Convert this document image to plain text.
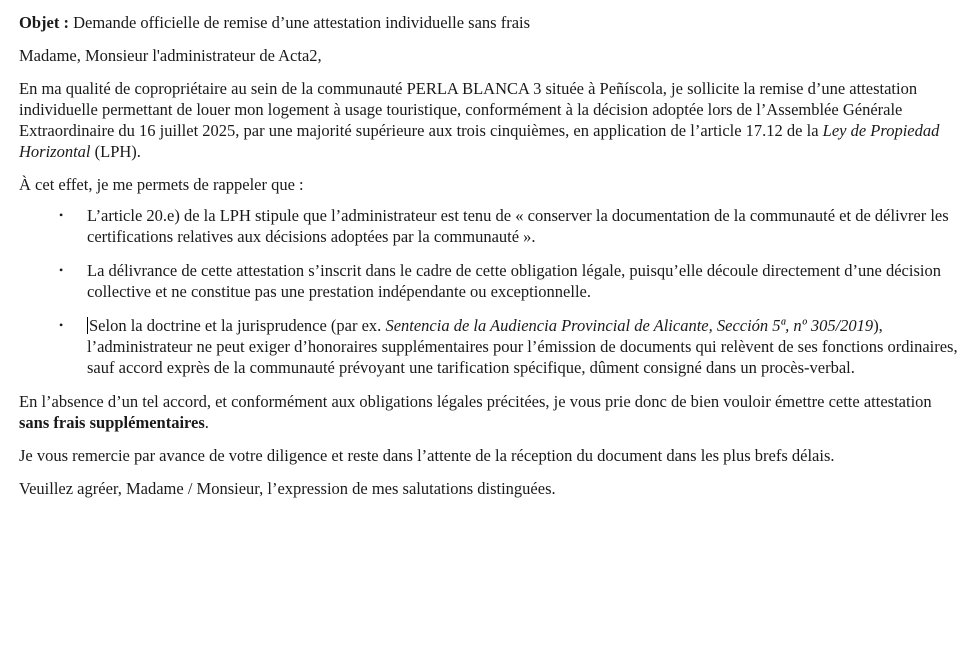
Objet : Demande officielle de remise d’une attestation individuelle sans frais

Madame, Monsieur l'administrateur de Acta2,

En ma qualité de copropriétaire au sein de la communauté PERLA BLANCA 3 située à Peñíscola, je sollicite la remise d’une attestation individuelle permettant de louer mon logement à usage touristique, conformément à la décision adoptée lors de l’Assemblée Générale Extraordinaire du 16 juillet 2025, par une majorité supérieure aux trois cinquièmes, en application de l’article 17.12 de la Ley de Propiedad Horizontal (LPH).

À cet effet, je me permets de rappeler que :

• L’article 20.e) de la LPH stipule que l’administrateur est tenu de « conserver la documentation de la communauté et de délivrer les certifications relatives aux décisions adoptées par la communauté ».
• La délivrance de cette attestation s’inscrit dans le cadre de cette obligation légale, puisqu’elle découle directement d’une décision collective et ne constitue pas une prestation indépendante ou exceptionnelle.
• Selon la doctrine et la jurisprudence (par ex. Sentencia de la Audiencia Provincial de Alicante, Sección 5ª, nº 305/2019), l’administrateur ne peut exiger d’honoraires supplémentaires pour l’émission de documents qui relèvent de ses fonctions ordinaires, sauf accord exprès de la communauté prévoyant une tarification spécifique, dûment consigné dans un procès-verbal.

En l’absence d’un tel accord, et conformément aux obligations légales précitées, je vous prie donc de bien vouloir émettre cette attestation sans frais supplémentaires.

Je vous remercie par avance de votre diligence et reste dans l’attente de la réception du document dans les plus brefs délais.

Veuillez agréer, Madame / Monsieur, l’expression de mes salutations distinguées.
